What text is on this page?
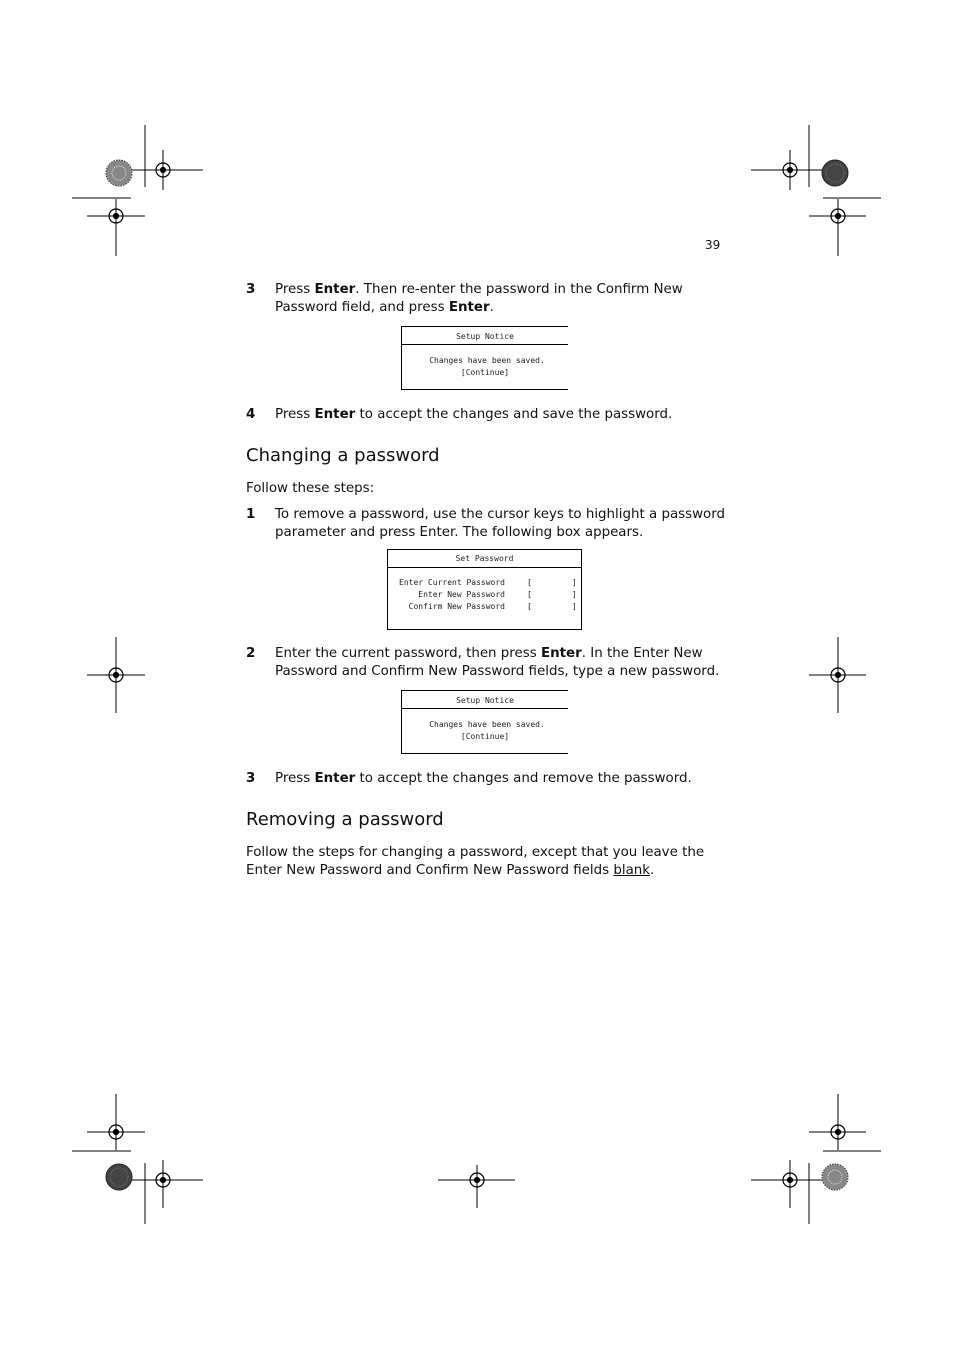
39
3 Press Enter. Then re-enter the password in the Confirm New Password field, and press Enter.
Setup Notice
Changes have been saved.
[Continue]
4 Press Enter to accept the changes and save the password.
Changing a password
Follow these steps:
1 To remove a password, use the cursor keys to highlight a password parameter and press Enter. The following box appears.
Set Password
Enter Current Password	[	]
Enter New Password	[	]
Confirm New Password	[	]
2 Enter the current password, then press Enter. In the Enter New Password and Confirm New Password fields, type a new password.
Setup Notice
Changes have been saved.
[Continue]
3 Press Enter to accept the changes and remove the password.
Removing a password
Follow the steps for changing a password, except that you leave the Enter New Password and Confirm New Password fields blank.
